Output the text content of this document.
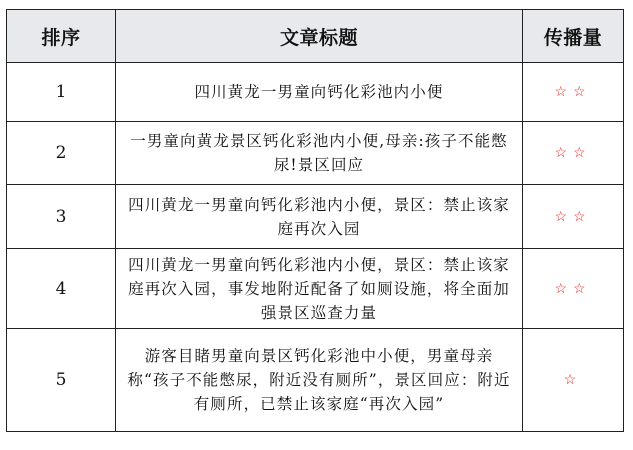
排序	文章标题	传播量
1	四川黄龙一男童向钙化彩池内小便	☆☆
2	一男童向黄龙景区钙化彩池内小便,母亲:孩子不能憋尿!景区回应	☆☆
3	四川黄龙一男童向钙化彩池内小便，景区：禁止该家庭再次入园	☆☆
4	四川黄龙一男童向钙化彩池内小便，景区：禁止该家庭再次入园，事发地附近配备了如厕设施，将全面加强景区巡查力量	☆☆
5	游客目睹男童向景区钙化彩池中小便，男童母亲称“孩子不能憋尿，附近没有厕所”，景区回应：附近有厕所，已禁止该家庭“再次入园”	☆
